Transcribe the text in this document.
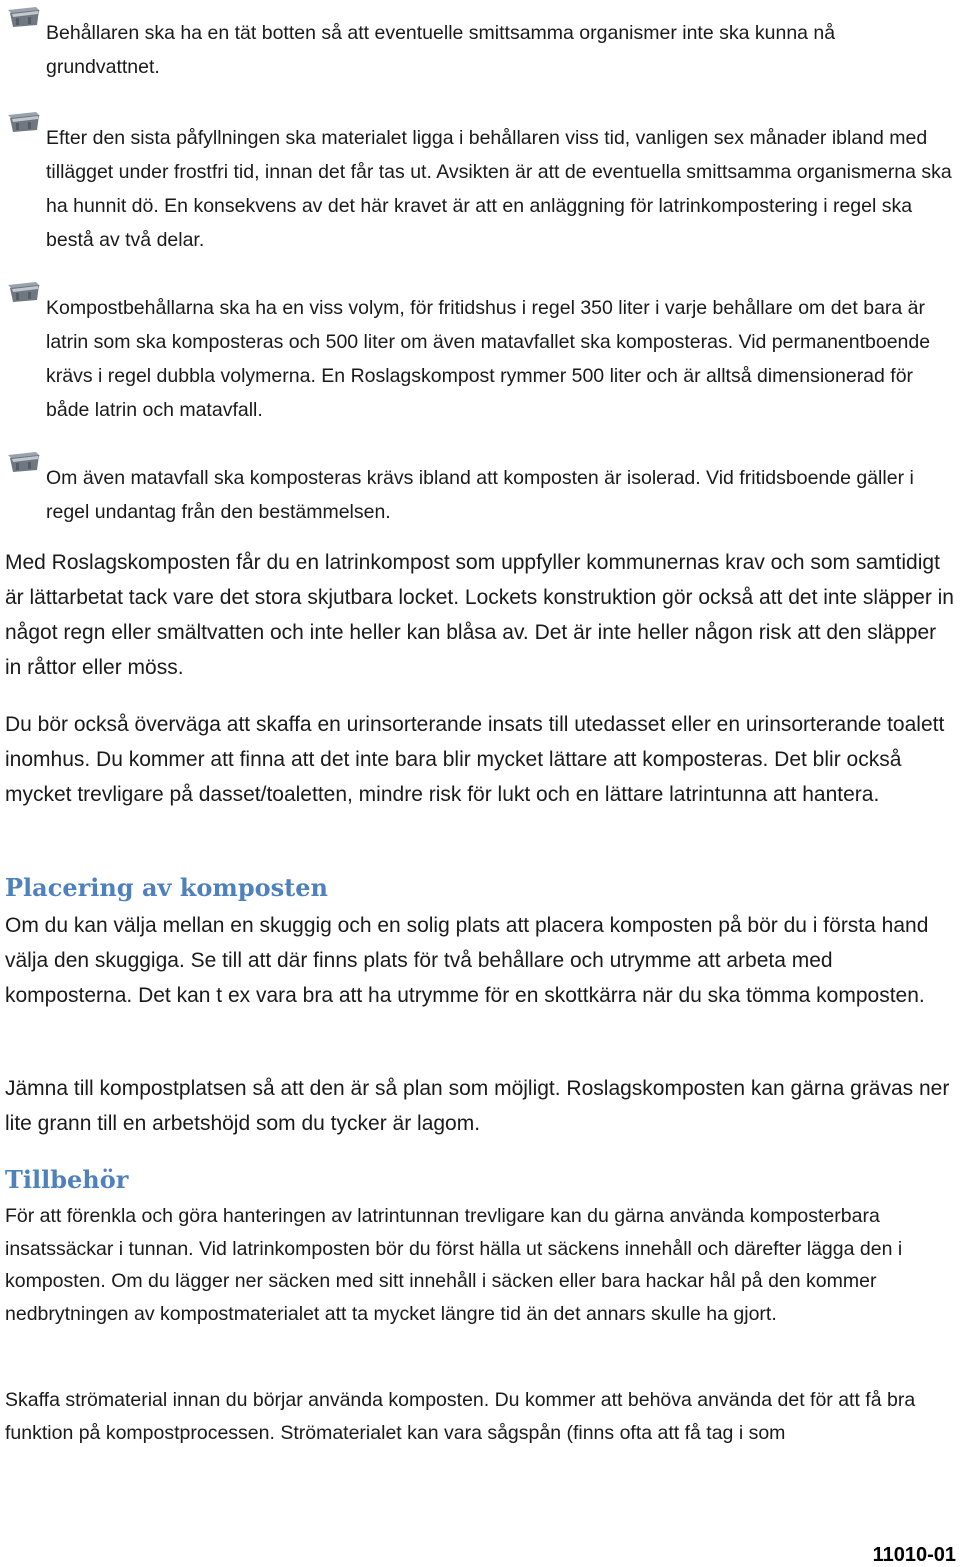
Behållaren ska ha en tät botten så att eventuelle smittsamma organismer inte ska kunna nå grundvattnet.

Efter den sista påfyllningen ska materialet ligga i behållaren viss tid, vanligen sex månader ibland med tillägget under frostfri tid, innan det får tas ut. Avsikten är att de eventuella smittsamma organismerna ska ha hunnit dö. En konsekvens av det här kravet är att en anläggning för latrinkompostering i regel ska bestå av två delar.

Kompostbehållarna ska ha en viss volym, för fritidshus i regel 350 liter i varje behållare om det bara är latrin som ska komposteras och 500 liter om även matavfallet ska komposteras. Vid permanentboende krävs i regel dubbla volymerna. En Roslagskompost rymmer 500 liter och är alltså dimensionerad för både latrin och matavfall.

Om även matavfall ska komposteras krävs ibland att komposten är isolerad. Vid fritidsboende gäller i regel undantag från den bestämmelsen.

Med Roslagskomposten får du en latrinkompost som uppfyller kommunernas krav och som samtidigt är lättarbetat tack vare det stora skjutbara locket. Lockets konstruktion gör också att det inte släpper in något regn eller smältvatten och inte heller kan blåsa av. Det är inte heller någon risk att den släpper in råttor eller möss.

Du bör också överväga att skaffa en urinsorterande insats till utedasset eller en urinsorterande toalett inomhus. Du kommer att finna att det inte bara blir mycket lättare att komposteras. Det blir också mycket trevligare på dasset/toaletten, mindre risk för lukt och en lättare latrintunna att hantera.

Placering av komposten

Om du kan välja mellan en skuggig och en solig plats att placera komposten på bör du i första hand välja den skuggiga. Se till att där finns plats för två behållare och utrymme att arbeta med komposterna. Det kan t ex vara bra att ha utrymme för en skottkärra när du ska tömma komposten.

Jämna till kompostplatsen så att den är så plan som möjligt. Roslagskomposten kan gärna grävas ner lite grann till en arbetshöjd som du tycker är lagom.

Tillbehör

För att förenkla och göra hanteringen av latrintunnan trevligare kan du gärna använda komposterbara insatssäckar i tunnan. Vid latrinkomposten bör du först hälla ut säckens innehåll och därefter lägga den i komposten. Om du lägger ner säcken med sitt innehåll i säcken eller bara hackar hål på den kommer nedbrytningen av kompostmaterialet att ta mycket längre tid än det annars skulle ha gjort.

Skaffa strömaterial innan du börjar använda komposten. Du kommer att behöva använda det för att få bra funktion på kompostprocessen. Strömaterialet kan vara sågspån (finns ofta att få tag i som

11010-01
